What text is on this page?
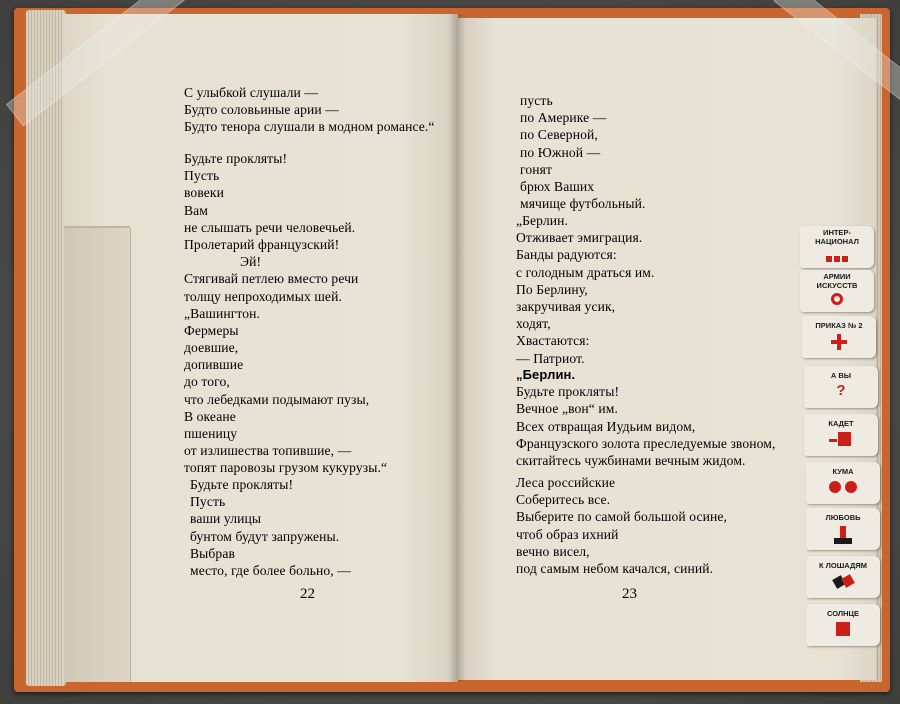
С улыбкой слушали —
Будто соловьиные арии —
Будто тенора слушали в модном романсе.“
Будьте прокляты!
Пусть
вовеки
Вам
не слышать речи человечьей.
Пролетарий французский!
Эй!
Стягивай петлею вместо речи
толщу непроходимых шей.
„Вашингтон.
Фермеры
доевшие,
допившие
до того,
что лебедками подымают пузы,
В океане
пшеницу
от излишества топившие, —
топят паровозы грузом кукурузы.“
Будьте прокляты!
Пусть
ваши улицы
бунтом будут запружены.
Выбрав
место, где более больно, —
22
пусть
по Америке —
по Северной,
по Южной —
гонят
брюх Ваших
мячище футбольный.
„Берлин.
Отживает эмиграция.
Банды радуются:
с голодным драться им.
По Берлину,
закручивая усик,
ходят,
Хвастаются:
— Патриот.
„Берлин.
Будьте прокляты!
Вечное „вон“ им.
Всех отвращая Иудьим видом,
Французского золота преследуемые звоном,
скитайтесь чужбинами вечным жидом.
Леса российские
Соберитесь все.
Выберите по самой большой осине,
чтоб образ ихний
вечно висел,
под самым небом качался, синий.
23
ИНТЕР-НАЦИОНАЛ
АРМИИ ИСКУССТВ
ПРИКАЗ № 2
А ВЫ
?
КАДЕТ
КУМА
ЛЮБОВЬ
К ЛОШАДЯМ
СОЛНЦЕ
